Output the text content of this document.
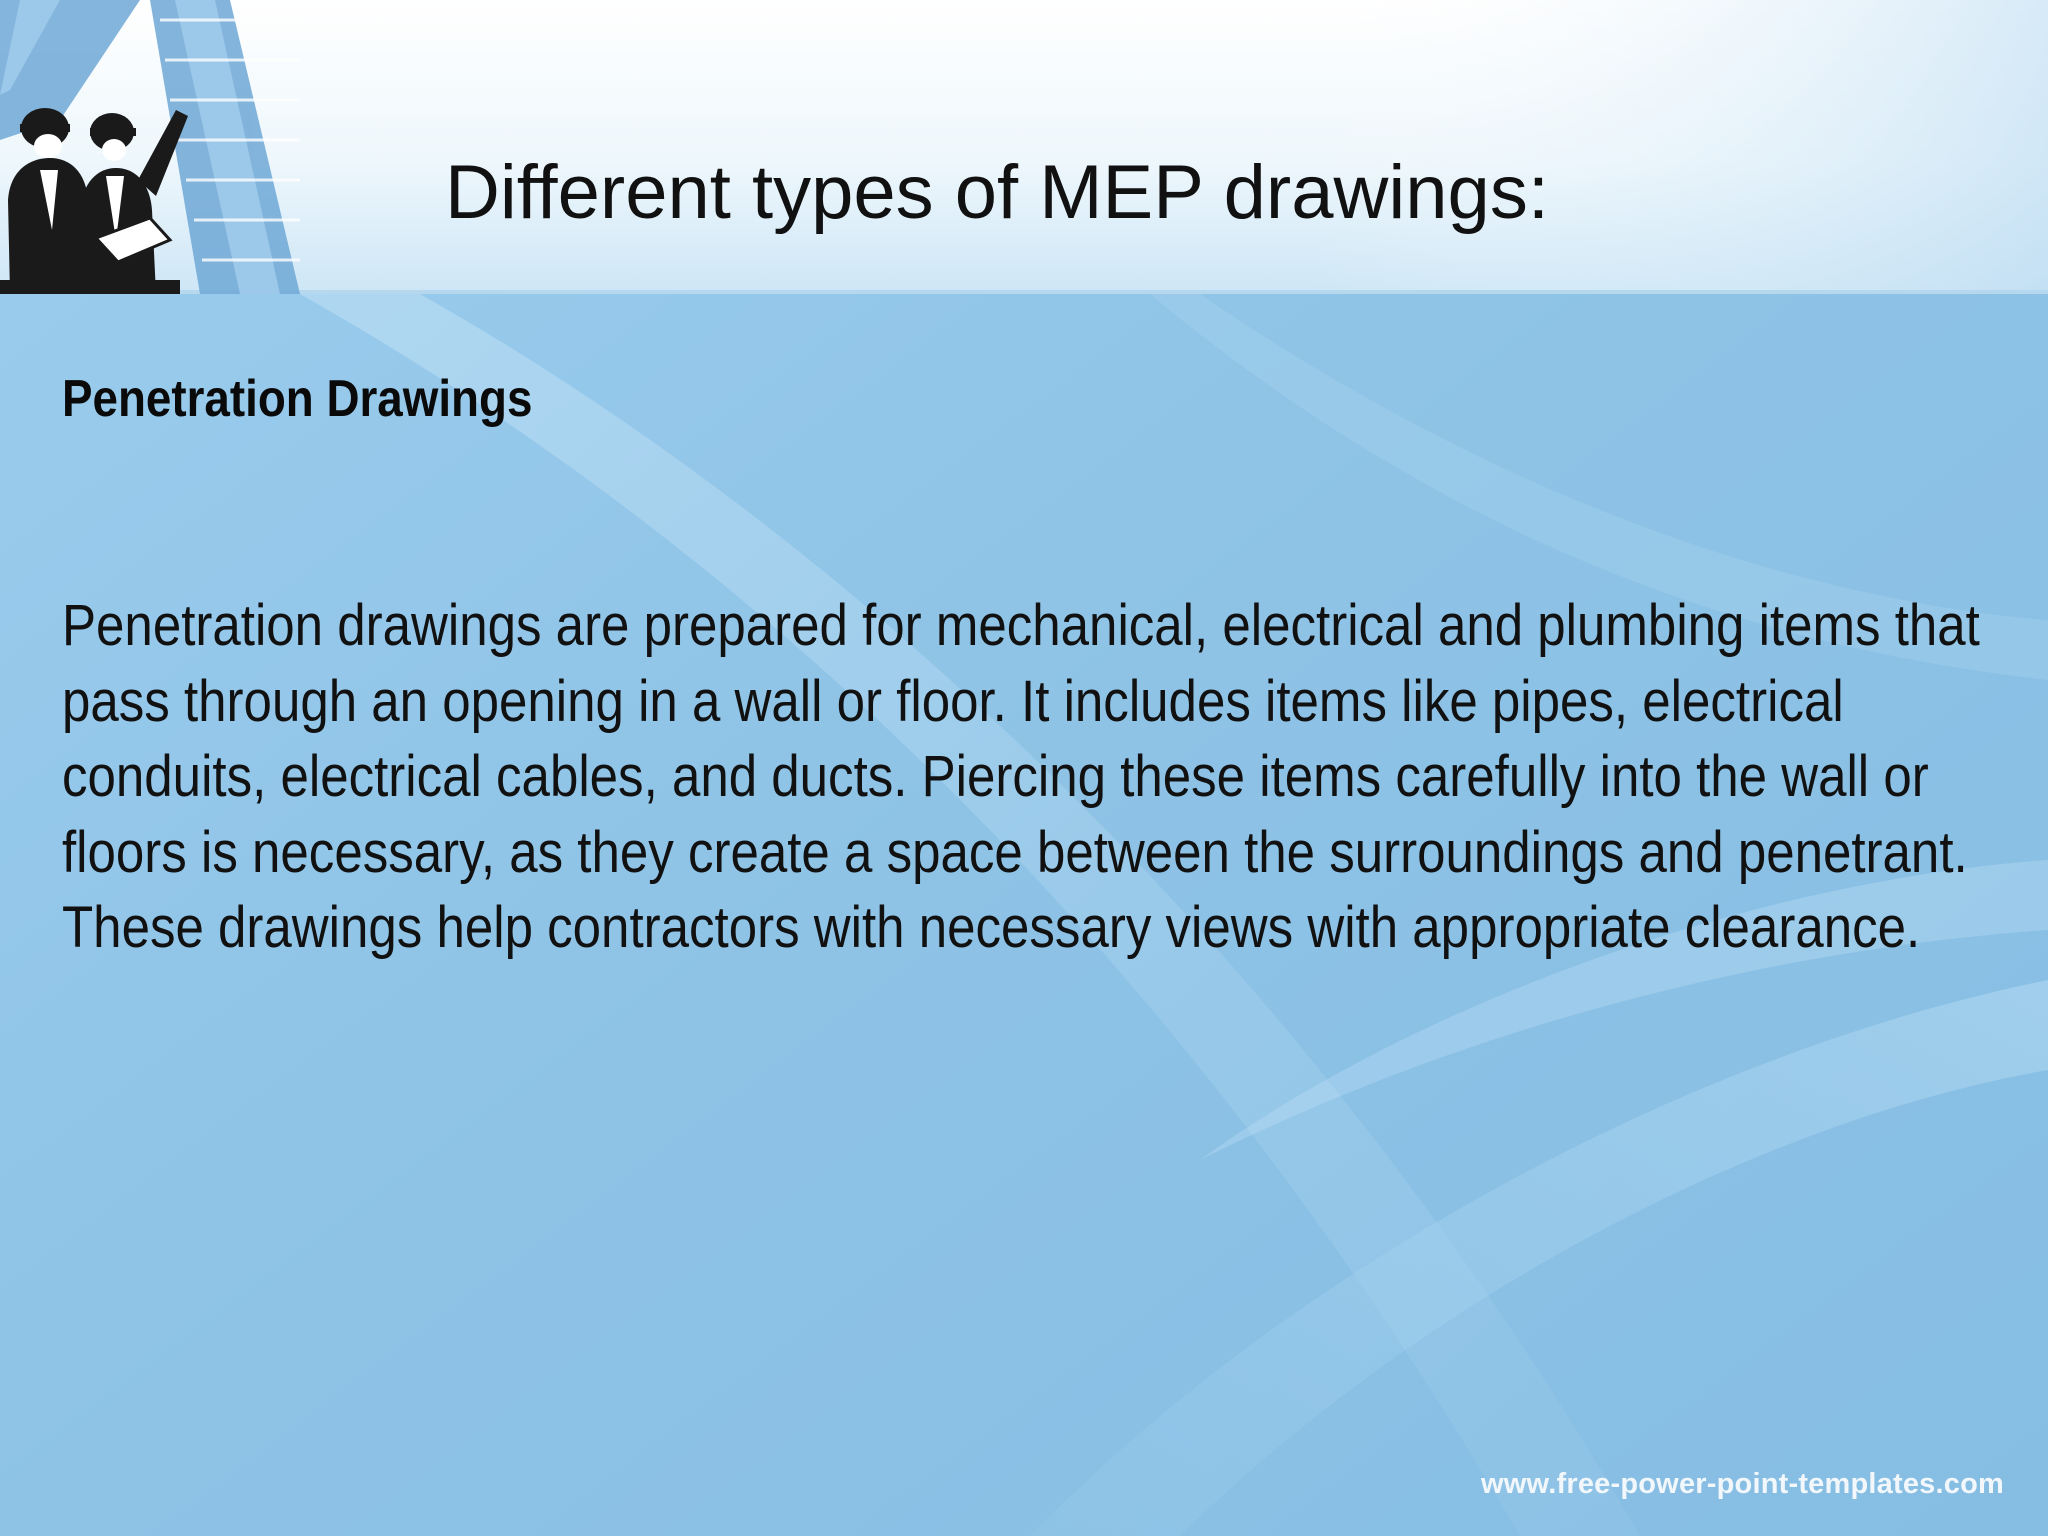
Different types of MEP drawings:
Penetration Drawings
Penetration drawings are prepared for mechanical, electrical and plumbing items that
pass through an opening in a wall or floor. It includes items like pipes, electrical
conduits, electrical cables, and ducts. Piercing these items carefully into the wall or
floors is necessary, as they create a space between the surroundings and penetrant.
These drawings help contractors with necessary views with appropriate clearance.

www.free-power-point-templates.com
